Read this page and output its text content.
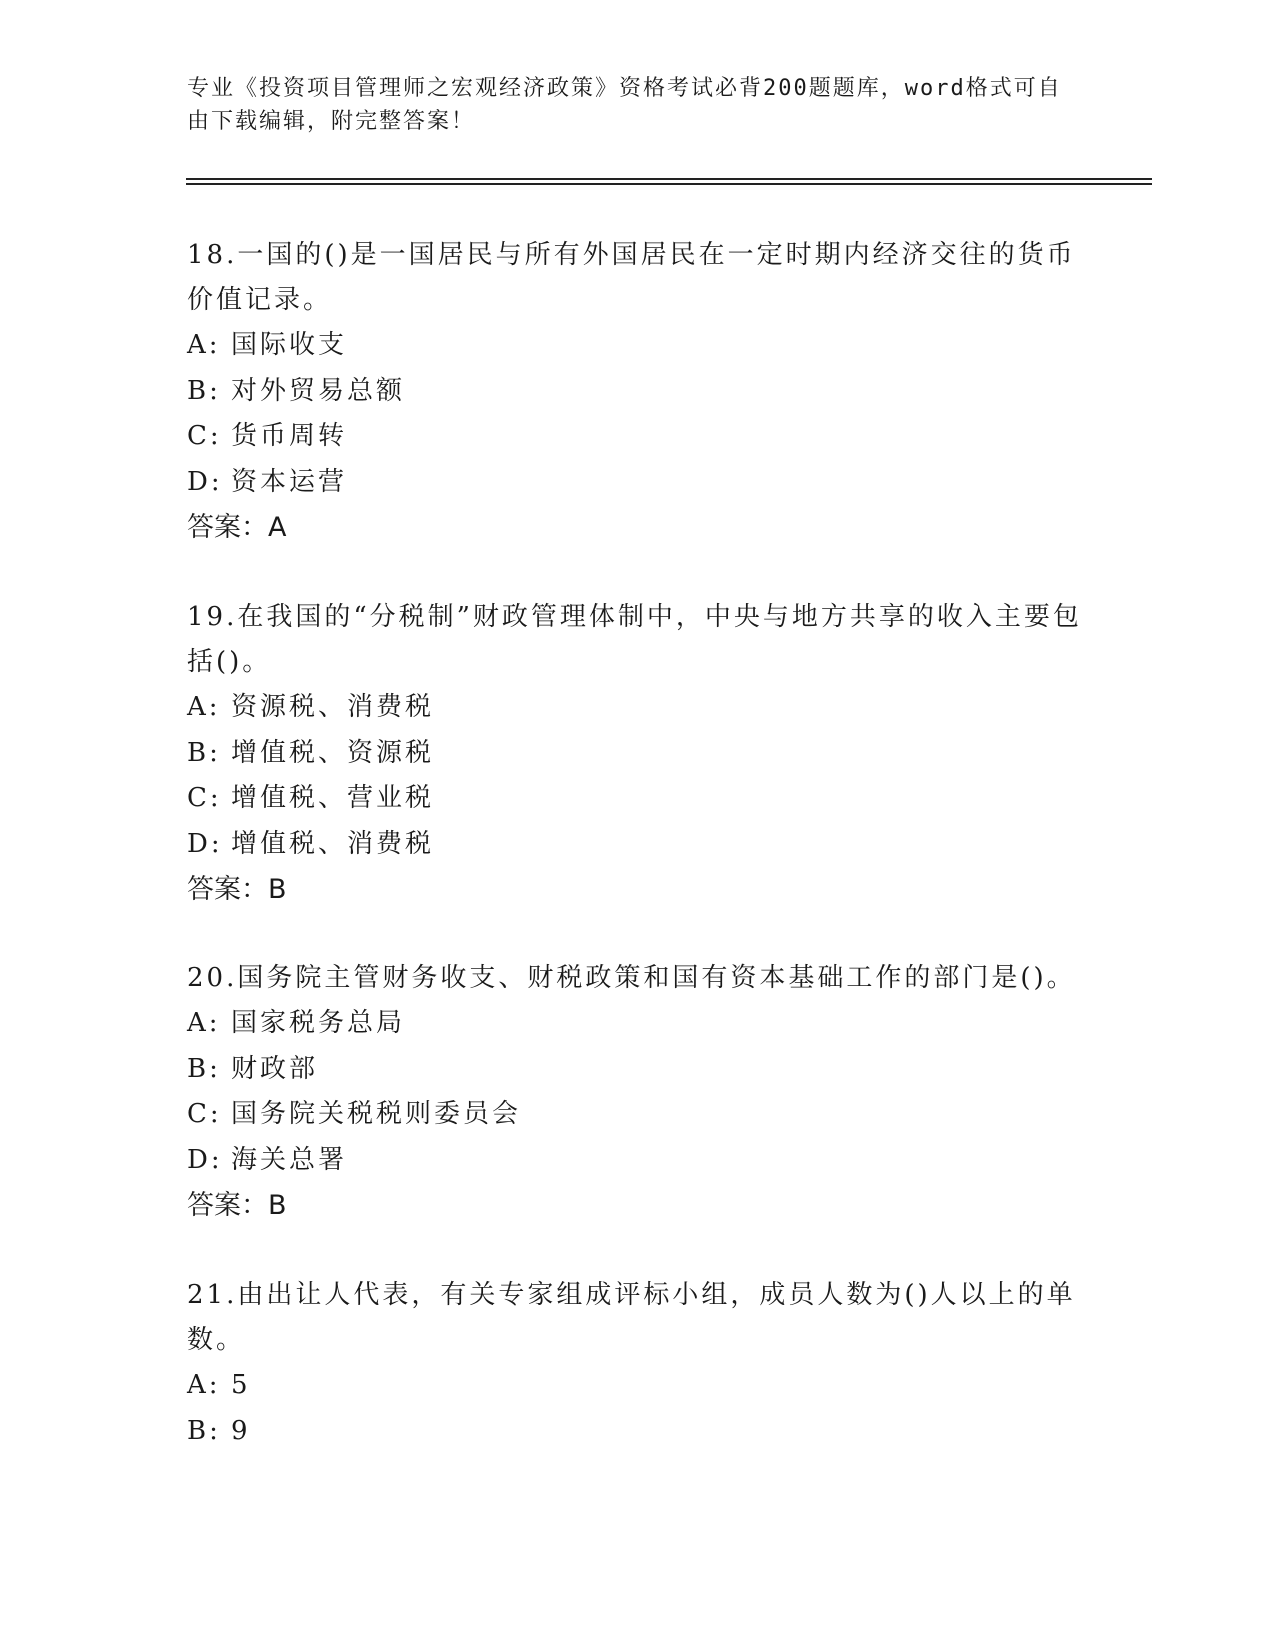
专业《投资项目管理师之宏观经济政策》资格考试必背200题题库，word格式可自由下载编辑，附完整答案！
18.一国的()是一国居民与所有外国居民在一定时期内经济交往的货币价值记录。
A: 国际收支
B: 对外贸易总额
C: 货币周转
D: 资本运营
答案：A
19.在我国的“分税制”财政管理体制中，中央与地方共享的收入主要包括()。
A: 资源税、消费税
B: 增值税、资源税
C: 增值税、营业税
D: 增值税、消费税
答案：B
20.国务院主管财务收支、财税政策和国有资本基础工作的部门是()。
A: 国家税务总局
B: 财政部
C: 国务院关税税则委员会
D: 海关总署
答案：B
21.由出让人代表，有关专家组成评标小组，成员人数为()人以上的单数。
A: 5
B: 9
